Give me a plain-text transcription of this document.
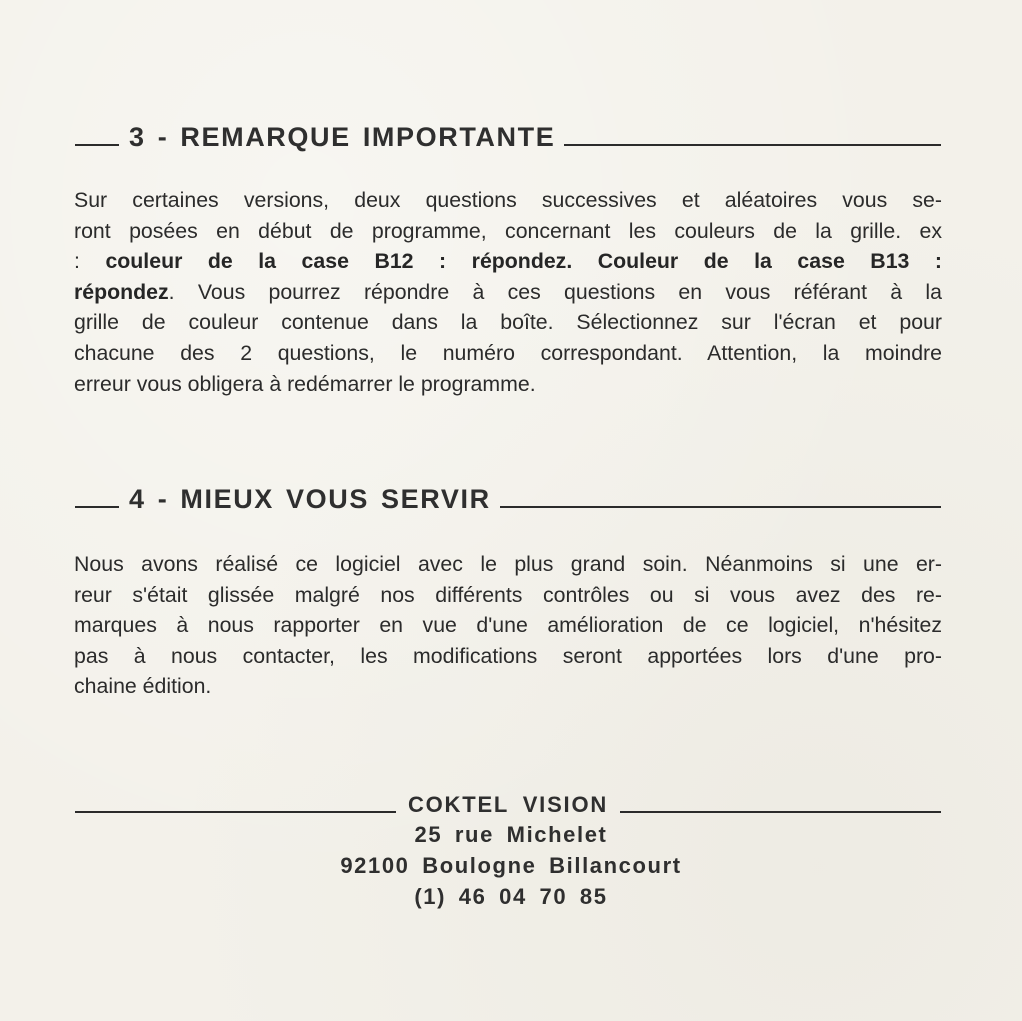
3 - REMARQUE IMPORTANTE
Sur certaines versions, deux questions successives et aléatoires vous se-
ront posées en début de programme, concernant les couleurs de la grille. ex
: couleur de la case B12 : répondez. Couleur de la case B13 :
répondez. Vous pourrez répondre à ces questions en vous référant à la
grille de couleur contenue dans la boîte. Sélectionnez sur l'écran et pour
chacune des 2 questions, le numéro correspondant. Attention, la moindre
erreur vous obligera à redémarrer le programme.
4 - MIEUX VOUS SERVIR
Nous avons réalisé ce logiciel avec le plus grand soin. Néanmoins si une er-
reur s'était glissée malgré nos différents contrôles ou si vous avez des re-
marques à nous rapporter en vue d'une amélioration de ce logiciel, n'hésitez
pas à nous contacter, les modifications seront apportées lors d'une pro-
chaine édition.
COKTEL VISION
25 rue Michelet
92100 Boulogne Billancourt
(1) 46 04 70 85
